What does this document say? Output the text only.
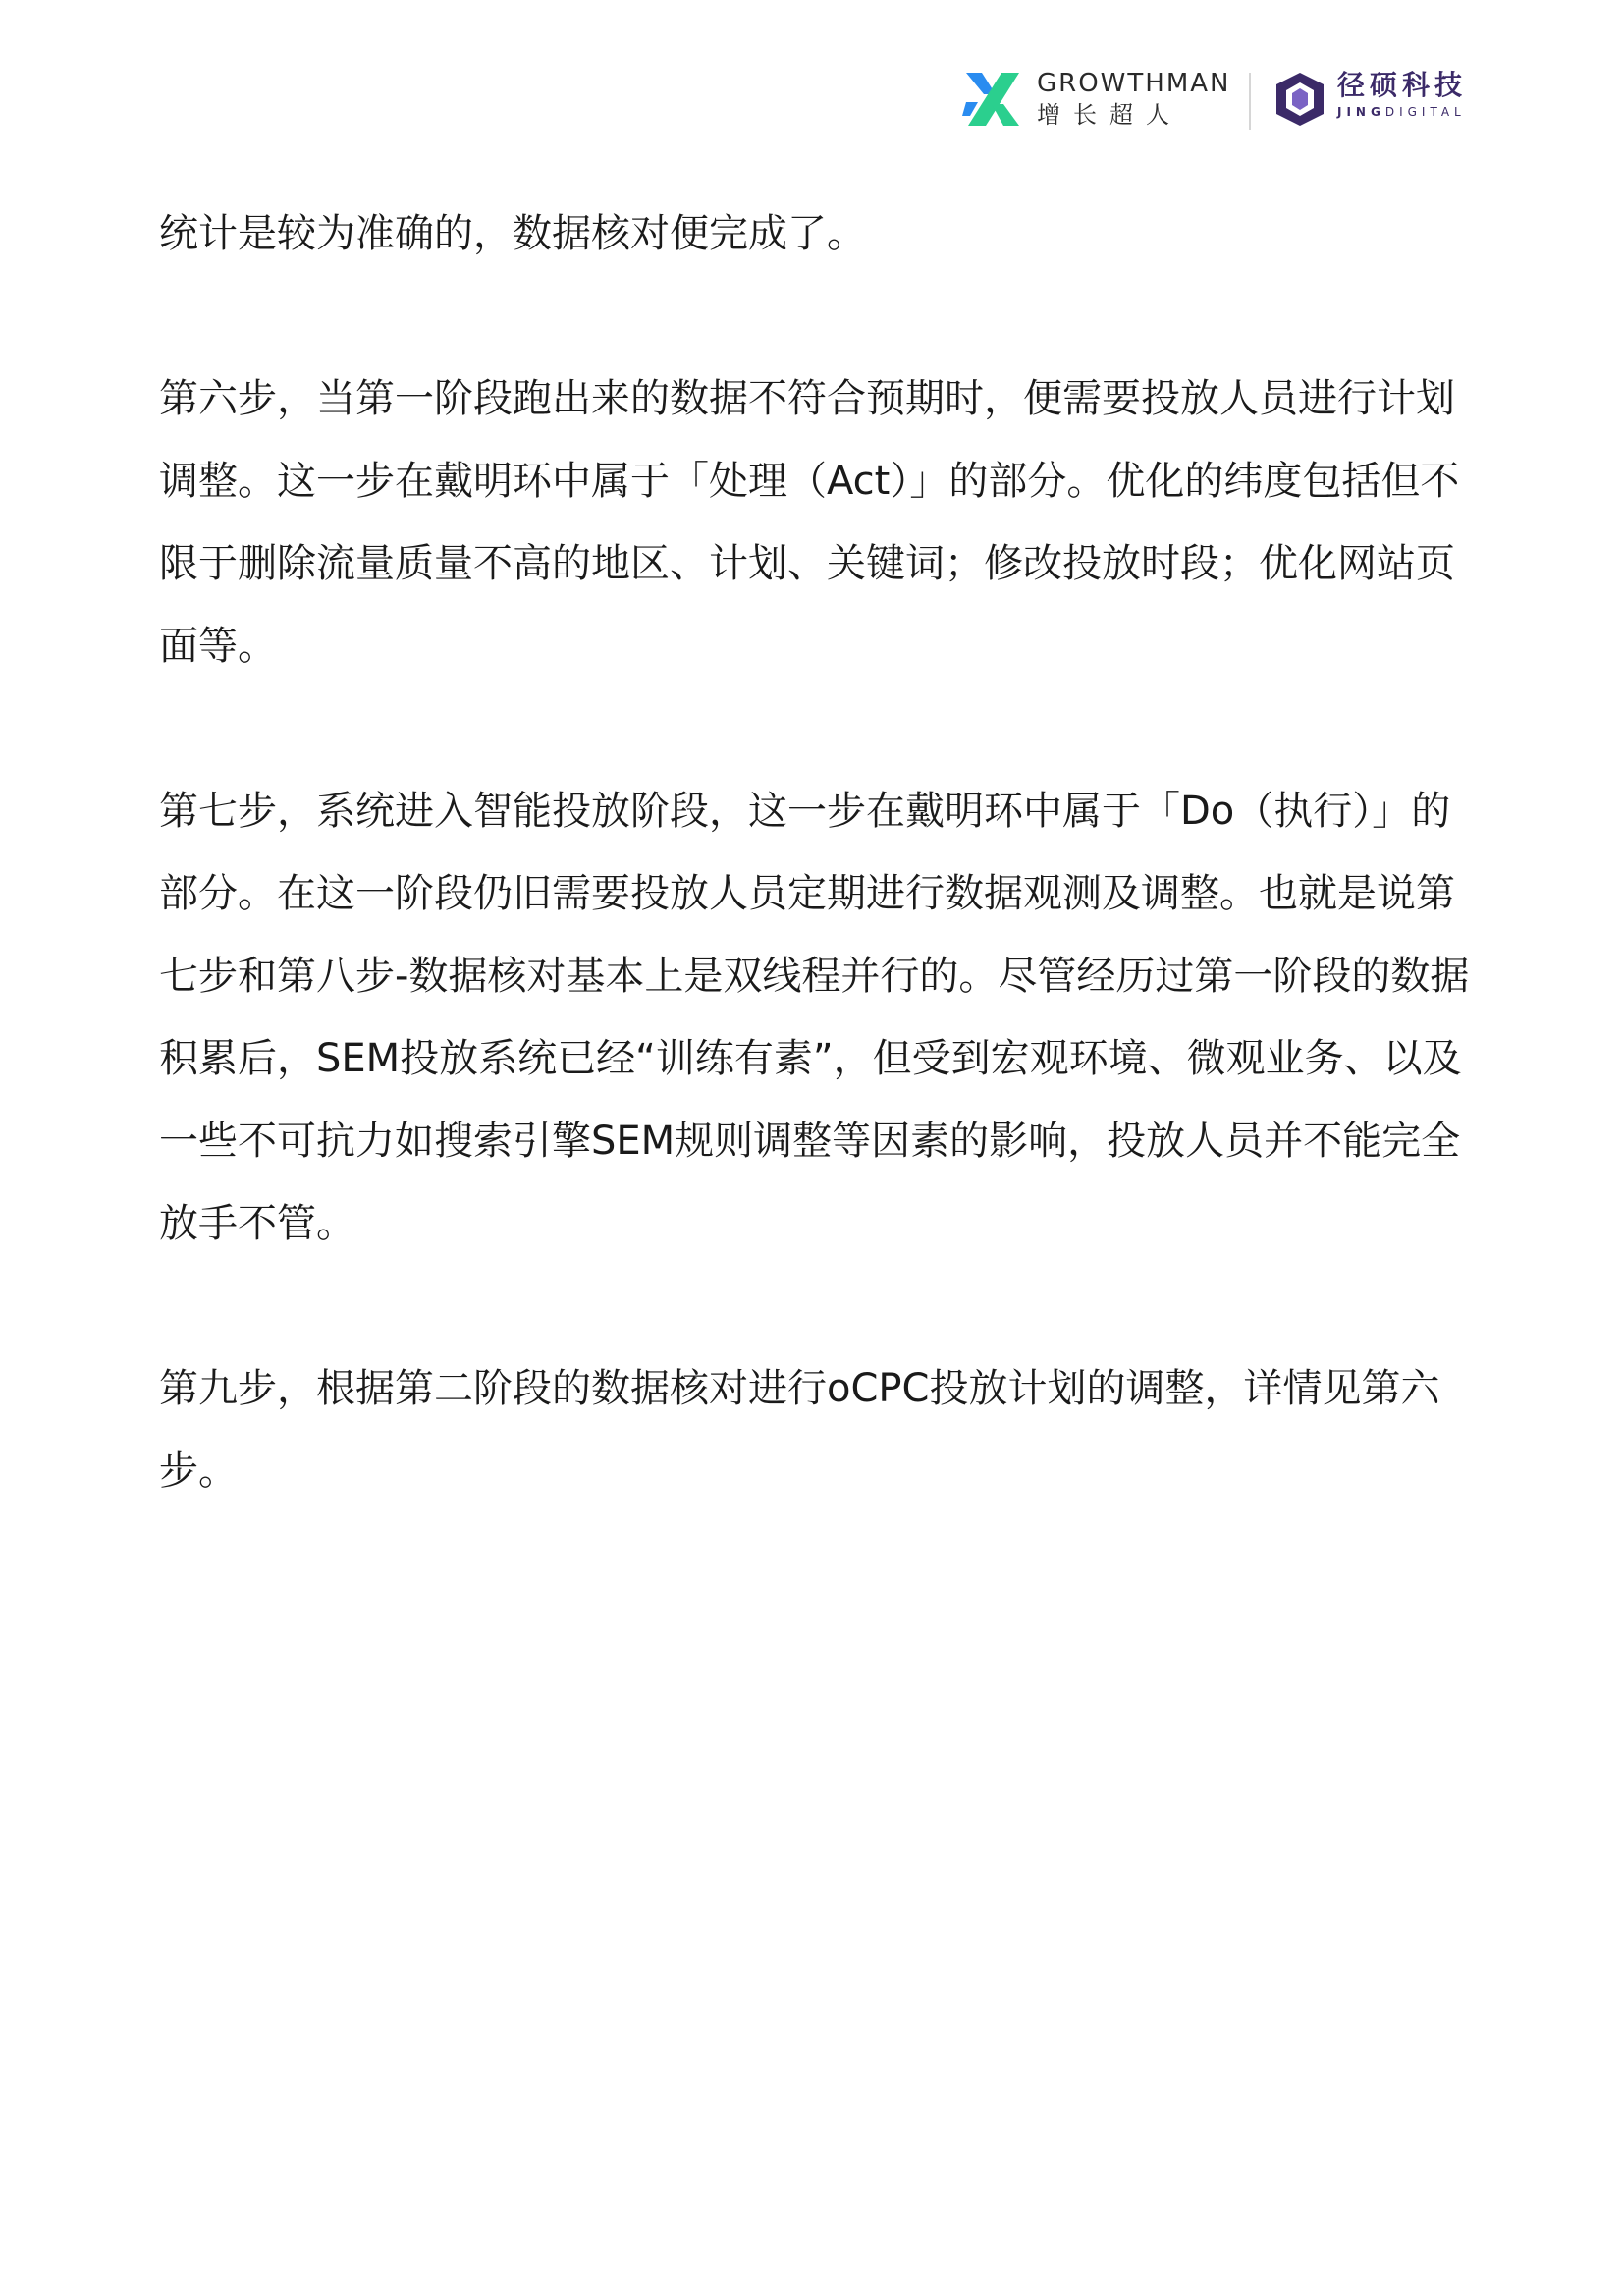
GROWTHMAN
增长超人
径硕科技
JINGDIGITAL

统计是较为准确的，数据核对便完成了。

第六步，当第一阶段跑出来的数据不符合预期时，便需要投放人员进行计划调整。这一步在戴明环中属于「处理（Act）」的部分。优化的纬度包括但不限于删除流量质量不高的地区、计划、关键词；修改投放时段；优化网站页面等。

第七步，系统进入智能投放阶段，这一步在戴明环中属于「Do（执行）」的部分。在这一阶段仍旧需要投放人员定期进行数据观测及调整。也就是说第七步和第八步-数据核对基本上是双线程并行的。尽管经历过第一阶段的数据积累后，SEM投放系统已经“训练有素”，但受到宏观环境、微观业务、以及一些不可抗力如搜索引擎SEM规则调整等因素的影响，投放人员并不能完全放手不管。

第九步，根据第二阶段的数据核对进行oCPC投放计划的调整，详情见第六步。
